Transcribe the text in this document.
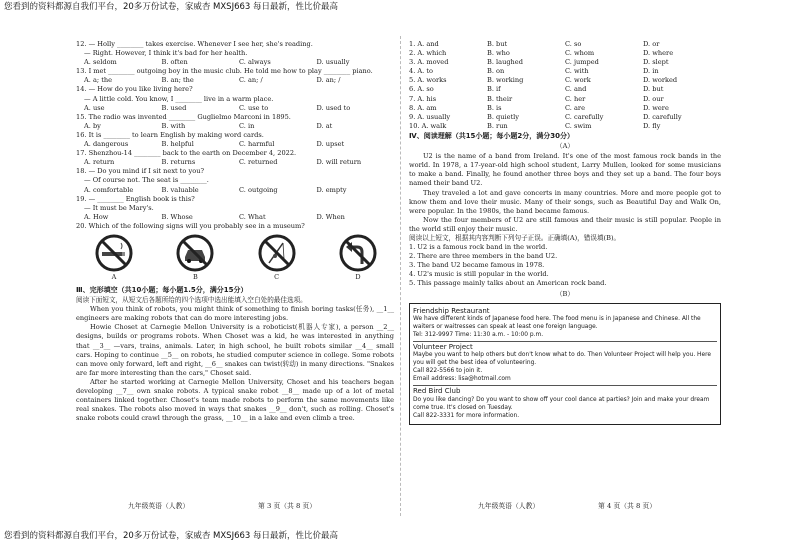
您看到的资料都源自我们平台，20多万份试卷，家威杏 MXSJ663 每日最新，性比价最高

12. — Holly ________ takes exercise. Whenever I see her, she's reading.

— Right. However, I think it's bad for her health.

A. seldom	B. often	C. always	D. usually

13. I met ________ outgoing boy in the music club. He told me how to play ________ piano.

A. a; the	B. an; the	C. an; /	D. an; /

14. — How do you like living here?

— A little cold. You know, I ________ live in a warm place.

A. use	B. used	C. use to	D. used to

15. The radio was invented ________ Guglielmo Marconi in 1895.

A. by	B. with	C. in	D. at

16. It is ________ to learn English by making word cards.

A. dangerous	B. helpful	C. harmful	D. upset

17. Shenzhou-14 ________ back to the earth on December 4, 2022.

A. return	B. returns	C. returned	D. will return

18. — Do you mind if I sit next to you?

— Of course not. The seat is ________.

A. comfortable	B. valuable	C. outgoing	D. empty

19. — ________ English book is this?

— It must be Mary's.

A. How	B. Whose	C. What	D. When

20. Which of the following signs will you probably see in a museum?

A	B	C	D
Ⅲ、完形填空（共10小题；每小题1.5分，满分15分）

阅读下面短文，从短文后各题所给的四个选项中选出能填入空白处的最佳选项。

When you think of robots, you might think of something to finish boring tasks(任务), __1__ engineers are making robots that can do more interesting jobs.

Howie Choset at Carnegie Mellon University is a roboticist(机器人专家), a person __2__ designs, builds or programs robots. When Choset was a kid, he was interested in anything that __3__ —vars, trains, animals. Later, in high school, he built robots similar __4__ small cars. Hoping to continue __5__ on robots, he studied computer science in college. Some robots can move only forward, left and right, __6__ snakes can twist(转动) in many directions. "Snakes are far more interesting than the cars," Choset said.

After he started working at Carnegie Mellon University, Choset and his teachers began developing __7__ own snake robots. A typical snake robot __8__ made up of a lot of metal containers linked together. Choset's team made robots to perform the same movements like real snakes. The robots also moved in ways that snakes __9__ don't, such as rolling. Choset's snake robots could crawl through the grass, __10__ in a lake and even climb a tree.

九年级英语（人教）	第 3 页（共 8 页）
1. A. and	B. but	C. so	D. or
2. A. which	B. who	C. whom	D. where
3. A. moved	B. laughed	C. jumped	D. slept
4. A. to	B. on	C. with	D. in
5. A. works	B. working	C. work	D. worked
6. A. so	B. if	C. and	D. but
7. A. his	B. their	C. her	D. our
8. A. am	B. is	C. are	D. were
9. A. usually	B. quietly	C. carefully	D. carefully
10. A. walk	B. run	C. swim	D. fly
Ⅳ、阅读理解（共15小题；每小题2分，满分30分）
（A）

U2 is the name of a band from Ireland. It's one of the most famous rock bands in the world. In 1978, a 17-year-old high school student, Larry Mullen, looked for some musicians to make a band. Finally, he found another three boys and they set up a band. The four boys named their band U2.

They traveled a lot and gave concerts in many countries. More and more people got to know them and love their music. Many of their songs, such as Beautiful Day and Walk On, were popular. In the 1980s, the band became famous.

Now the four members of U2 are still famous and their music is still popular. People in the world still enjoy their music.

阅读以上短文，根据其内容判断下列句子正误。正确填(A)，错误填(B)。

1. U2 is a famous rock band in the world.

2. There are three members in the band U2.

3. The band U2 became famous in 1978.

4. U2's music is still popular in the world.

5. This passage mainly talks about an American rock band.

（B）
Friendship Restaurant
We have different kinds of Japanese food here. The food menu is in Japanese and Chinese. All the waiters or waitresses can speak at least one foreign language.
Tel: 312-9997 Time: 11:30 a.m. - 10:00 p.m.
Volunteer Project
Maybe you want to help others but don't know what to do. Then Volunteer Project will help you. Here you will get the best idea of volunteering.
Call 822-5566 to join it.
Email address: lisa@hotmail.com
Red Bird Club
Do you like dancing? Do you want to show off your cool dance at parties? Join and make your dream come true. It's closed on Tuesday.
Call 822-3331 for more information.
九年级英语（人教）	第 4 页（共 8 页）
您看到的资料都源自我们平台，20多万份试卷，家威杏 MXSJ663 每日最新，性比价最高
